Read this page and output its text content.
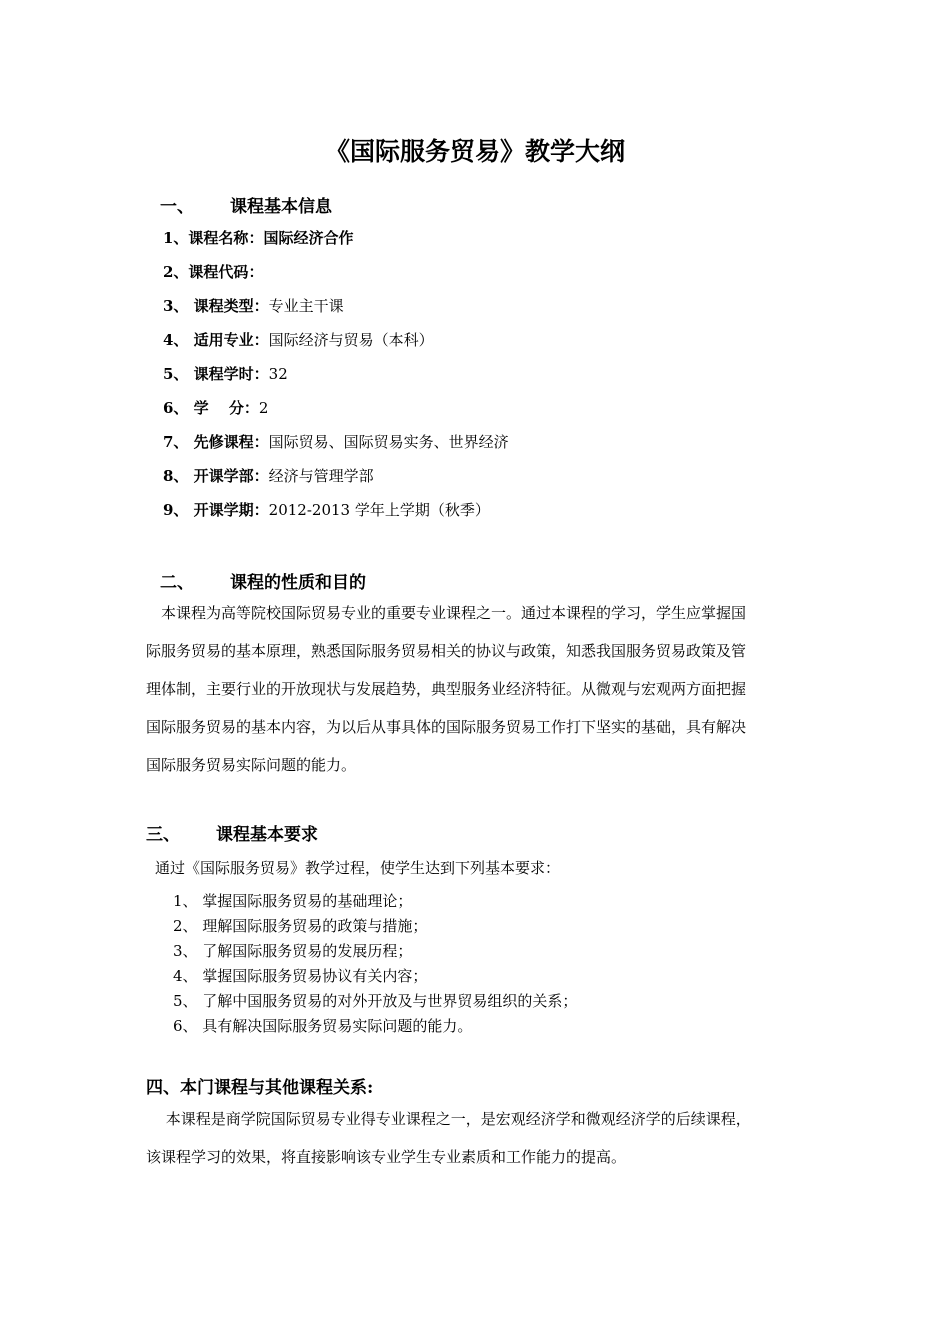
《国际服务贸易》教学大纲
一、 课程基本信息
1、课程名称：国际经济合作
2、课程代码：
3、 课程类型：专业主干课
4、 适用专业：国际经济与贸易（本科）
5、 课程学时：32
6、 学　 分：2
7、 先修课程：国际贸易、国际贸易实务、世界经济
8、 开课学部：经济与管理学部
9、 开课学期：2012-2013 学年上学期（秋季）
二、 课程的性质和目的
　本课程为高等院校国际贸易专业的重要专业课程之一。通过本课程的学习，学生应掌握国
际服务贸易的基本原理，熟悉国际服务贸易相关的协议与政策，知悉我国服务贸易政策及管
理体制，主要行业的开放现状与发展趋势，典型服务业经济特征。从微观与宏观两方面把握
国际服务贸易的基本内容，为以后从事具体的国际服务贸易工作打下坚实的基础，具有解决
国际服务贸易实际问题的能力。
三、 课程基本要求
通过《国际服务贸易》教学过程，使学生达到下列基本要求：
1、 掌握国际服务贸易的基础理论；
2、 理解国际服务贸易的政策与措施；
3、 了解国际服务贸易的发展历程；
4、 掌握国际服务贸易协议有关内容；
5、 了解中国服务贸易的对外开放及与世界贸易组织的关系；
6、 具有解决国际服务贸易实际问题的能力。
四、本门课程与其他课程关系:
　 本课程是商学院国际贸易专业得专业课程之一，是宏观经济学和微观经济学的后续课程，
该课程学习的效果，将直接影响该专业学生专业素质和工作能力的提高。
